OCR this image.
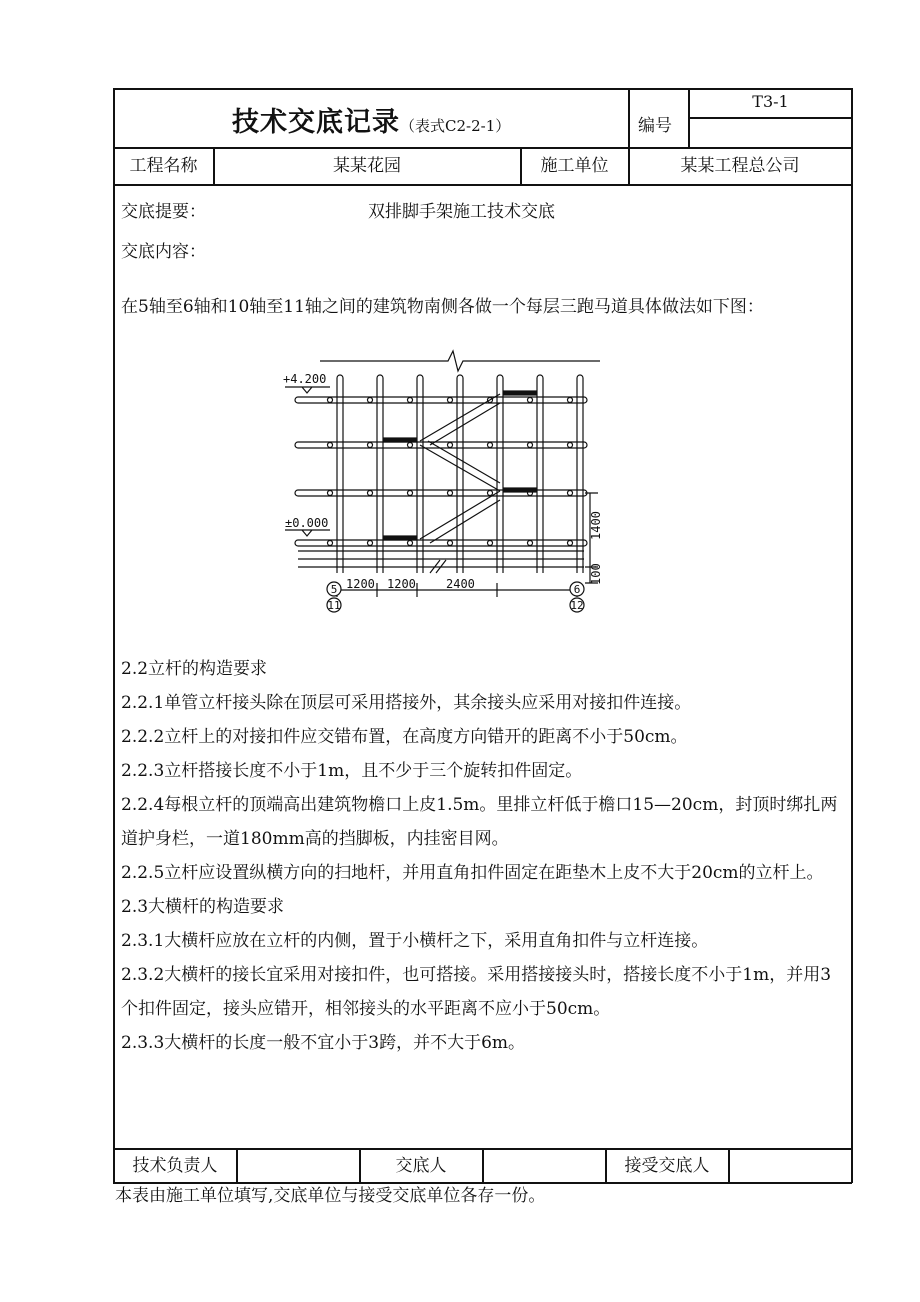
技术交底记录（表式C2-2-1）	编号
T3-1
工程名称	某某花园	施工单位	某某工程总公司
交底提要：	双排脚手架施工技术交底
交底内容：
在5轴至6轴和10轴至11轴之间的建筑物南侧各做一个每层三跑马道具体做法如下图：
+4.200
±0.000
1200 1200	2400
1400
100
5
11
6
12

2.2立杆的构造要求

2.2.1单管立杆接头除在顶层可采用搭接外，其余接头应采用对接扣件连接。

2.2.2立杆上的对接扣件应交错布置，在高度方向错开的距离不小于50cm。

2.2.3立杆搭接长度不小于1m，且不少于三个旋转扣件固定。

2.2.4每根立杆的顶端高出建筑物檐口上皮1.5m。里排立杆低于檐口15—20cm，封顶时绑扎两道护身栏，一道180mm高的挡脚板，内挂密目网。

2.2.5立杆应设置纵横方向的扫地杆，并用直角扣件固定在距垫木上皮不大于20cm的立杆上。

2.3大横杆的构造要求

2.3.1大横杆应放在立杆的内侧，置于小横杆之下，采用直角扣件与立杆连接。

2.3.2大横杆的接长宜采用对接扣件，也可搭接。采用搭接接头时，搭接长度不小于1m，并用3个扣件固定，接头应错开，相邻接头的水平距离不应小于50cm。

2.3.3大横杆的长度一般不宜小于3跨，并不大于6m。

技术负责人	交底人	接受交底人
本表由施工单位填写,交底单位与接受交底单位各存一份。
